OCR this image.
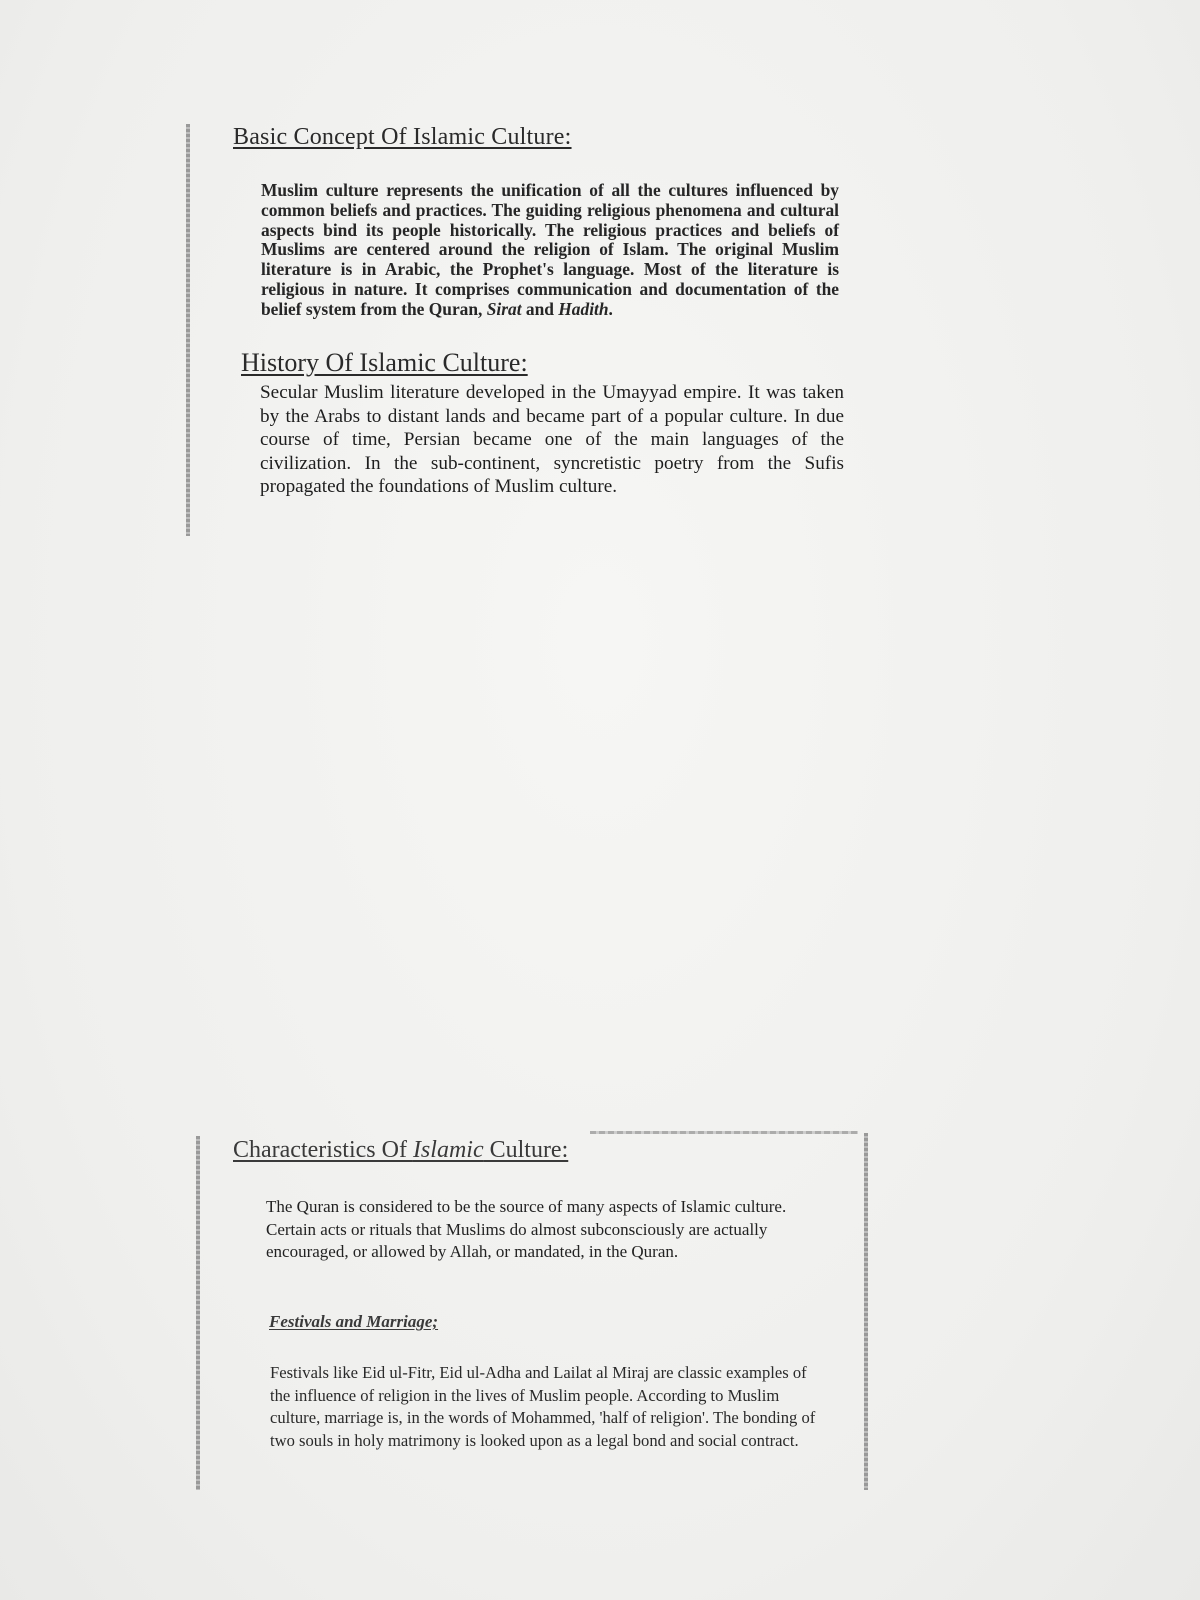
Basic Concept Of Islamic Culture:

Muslim culture represents the unification of all the cultures influenced by common beliefs and practices. The guiding religious phenomena and cultural aspects bind its people historically. The religious practices and beliefs of Muslims are centered around the religion of Islam. The original Muslim literature is in Arabic, the Prophet's language. Most of the literature is religious in nature. It comprises communication and documentation of the belief system from the Quran, Sirat and Hadith.

History Of Islamic Culture:

Secular Muslim literature developed in the Umayyad empire. It was taken by the Arabs to distant lands and became part of a popular culture. In due course of time, Persian became one of the main languages of the civilization. In the sub-continent, syncretistic poetry from the Sufis propagated the foundations of Muslim culture.

Characteristics Of Islamic Culture:

The Quran is considered to be the source of many aspects of Islamic culture. Certain acts or rituals that Muslims do almost subconsciously are actually encouraged, or allowed by Allah, or mandated, in the Quran.

Festivals and Marriage;

Festivals like Eid ul-Fitr, Eid ul-Adha and Lailat al Miraj are classic examples of the influence of religion in the lives of Muslim people. According to Muslim culture, marriage is, in the words of Mohammed, 'half of religion'. The bonding of two souls in holy matrimony is looked upon as a legal bond and social contract.
